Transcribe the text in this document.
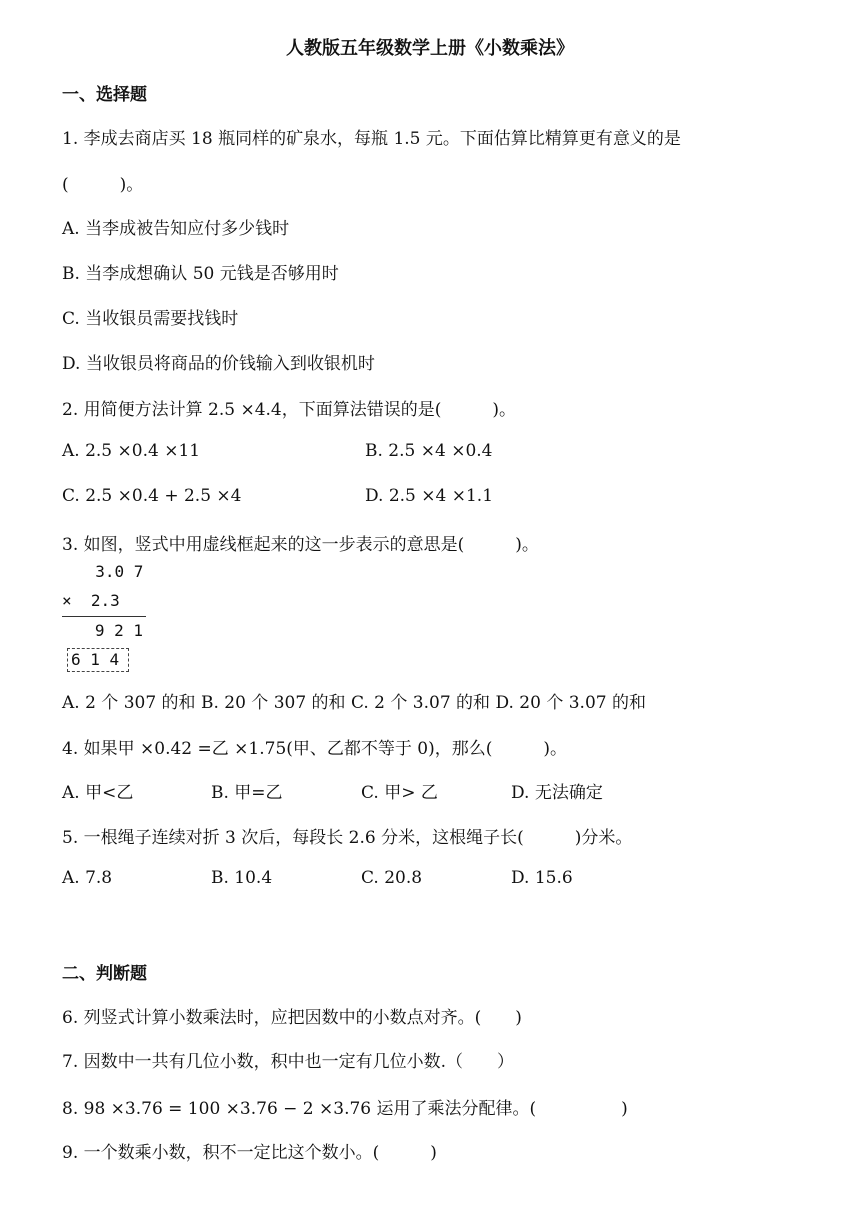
人教版五年级数学上册《小数乘法》
一、选择题
1. 李成去商店买 18 瓶同样的矿泉水，每瓶 1.5 元。下面估算比精算更有意义的是
(　　　)。
A. 当李成被告知应付多少钱时
B. 当李成想确认 50 元钱是否够用时
C. 当收银员需要找钱时
D. 当收银员将商品的价钱输入到收银机时
2. 用简便方法计算 2.5 ×4.4，下面算法错误的是(　　　)。
A. 2.5 ×0.4 ×11	B. 2.5 ×4 ×0.4
C. 2.5 ×0.4 + 2.5 ×4	D. 2.5 ×4 ×1.1
3. 如图，竖式中用虚线框起来的这一步表示的意思是(　　　)。
3.0 7
×  2.3
9 2 1
6 1 4
A. 2 个 307 的和 B. 20 个 307 的和 C. 2 个 3.07 的和 D. 20 个 3.07 的和
4. 如果甲 ×0.42 =乙 ×1.75(甲、乙都不等于 0)，那么(　　　)。
A. 甲<乙	B. 甲=乙	C. 甲> 乙	D. 无法确定
5. 一根绳子连续对折 3 次后，每段长 2.6 分米，这根绳子长(　　　)分米。
A. 7.8	B. 10.4	C. 20.8	D. 15.6
二、判断题
6. 列竖式计算小数乘法时，应把因数中的小数点对齐。(　　)
7. 因数中一共有几位小数，积中也一定有几位小数.（　　）
8. 98 ×3.76 = 100 ×3.76 − 2 ×3.76 运用了乘法分配律。(　　　　　)
9. 一个数乘小数，积不一定比这个数小。(　　　)
